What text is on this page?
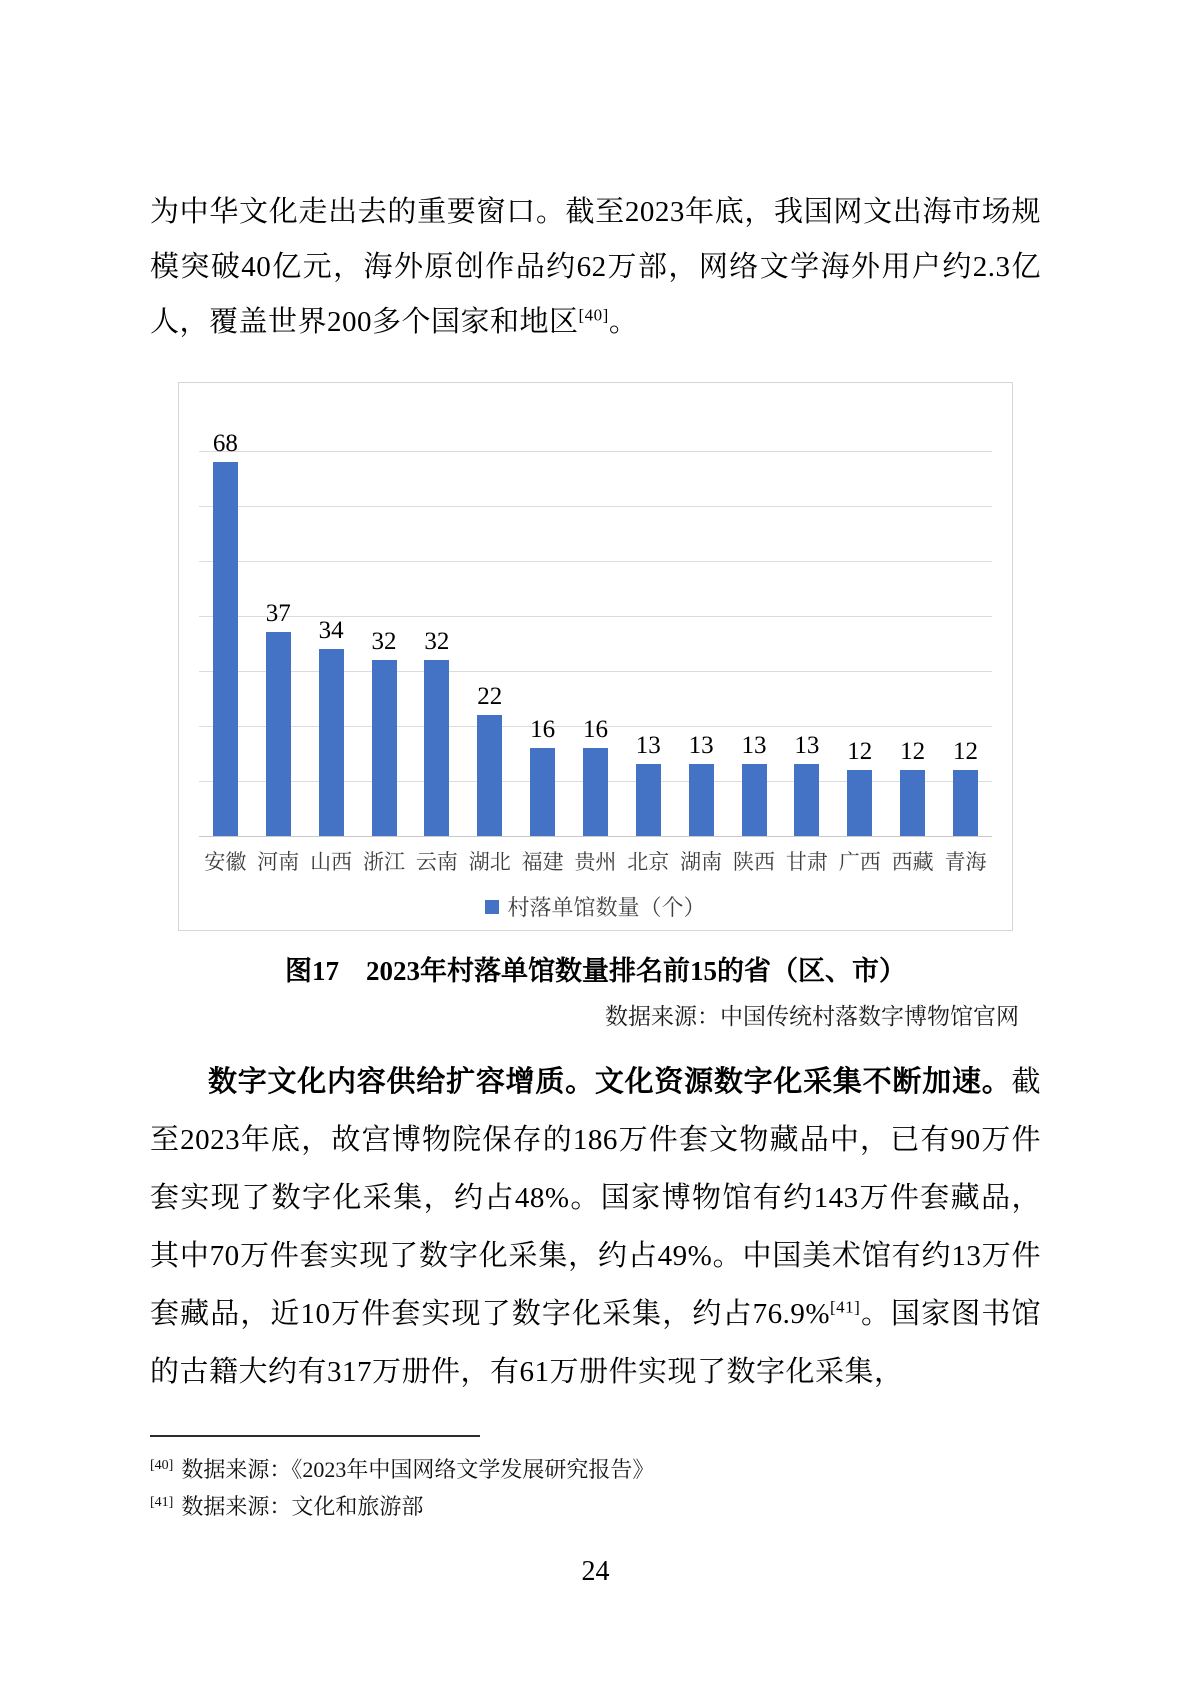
为中华文化走出去的重要窗口。截至2023年底，我国网文出海市场规模突破40亿元，海外原创作品约62万部，网络文学海外用户约2.3亿人，覆盖世界200多个国家和地区[40]。

68
37
34 32 32
22
16 16
13 13 13 13 12 12 12
安徽 河南 山西 浙江 云南 湖北 福建 贵州 北京 湖南 陕西 甘肃 广西 西藏 青海
村落单馆数量（个）
图17　2023年村落单馆数量排名前15的省（区、市）
数据来源：中国传统村落数字博物馆官网

数字文化内容供给扩容增质。文化资源数字化采集不断加速。截至2023年底，故宫博物院保存的186万件套文物藏品中，已有90万件套实现了数字化采集，约占48%。国家博物馆有约143万件套藏品，其中70万件套实现了数字化采集，约占49%。中国美术馆有约13万件套藏品，近10万件套实现了数字化采集，约占76.9%[41]。国家图书馆的古籍大约有317万册件，有61万册件实现了数字化采集，

[40] 数据来源：《2023年中国网络文学发展研究报告》
[41] 数据来源：文化和旅游部
24
